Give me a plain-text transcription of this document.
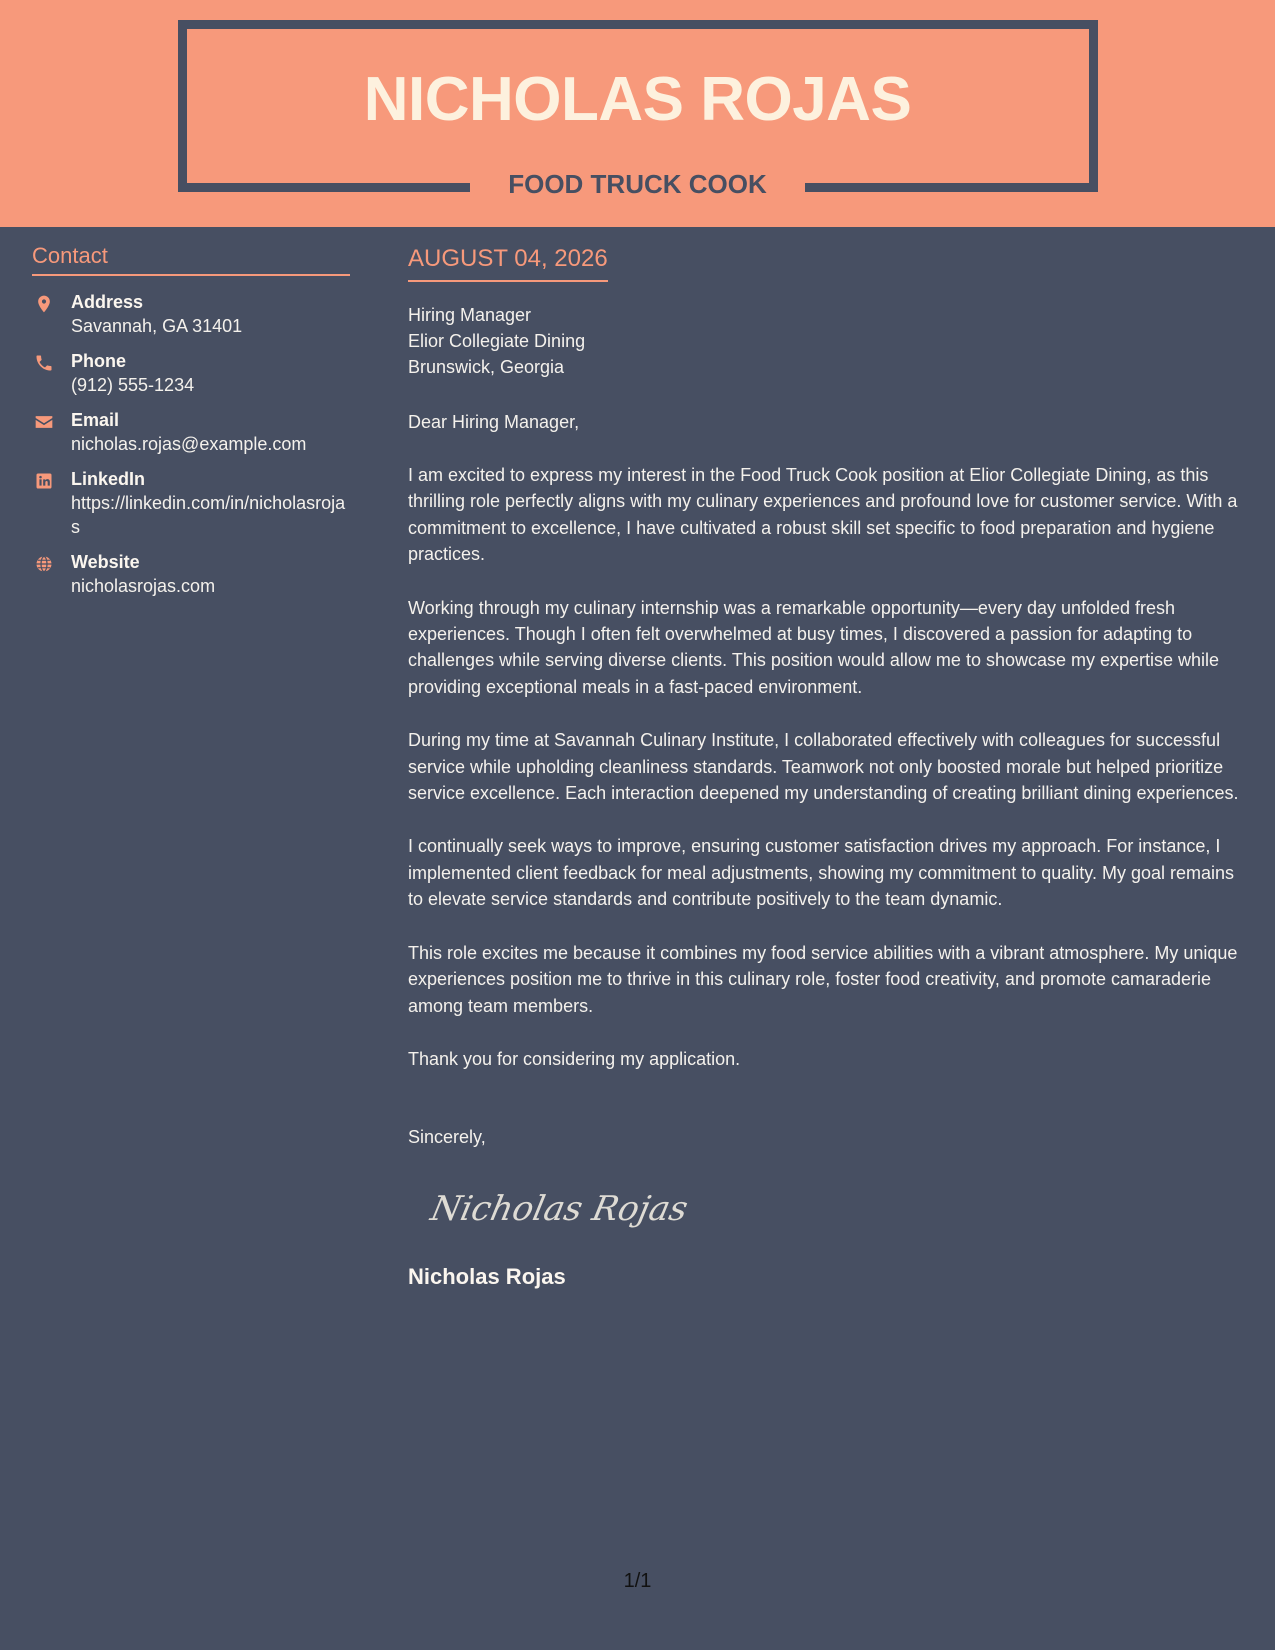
NICHOLAS ROJAS
FOOD TRUCK COOK
Contact
Address
Savannah, GA 31401
Phone
(912) 555-1234
Email
nicholas.rojas@example.com
LinkedIn
https://linkedin.com/in/nicholasrojas
Website
nicholasrojas.com
AUGUST 04, 2026
Hiring Manager
Elior Collegiate Dining
Brunswick, Georgia
Dear Hiring Manager,

I am excited to express my interest in the Food Truck Cook position at Elior Collegiate Dining, as this thrilling role perfectly aligns with my culinary experiences and profound love for customer service. With a commitment to excellence, I have cultivated a robust skill set specific to food preparation and hygiene practices.

Working through my culinary internship was a remarkable opportunity—every day unfolded fresh experiences. Though I often felt overwhelmed at busy times, I discovered a passion for adapting to challenges while serving diverse clients. This position would allow me to showcase my expertise while providing exceptional meals in a fast-paced environment.

During my time at Savannah Culinary Institute, I collaborated effectively with colleagues for successful service while upholding cleanliness standards. Teamwork not only boosted morale but helped prioritize service excellence. Each interaction deepened my understanding of creating brilliant dining experiences.

I continually seek ways to improve, ensuring customer satisfaction drives my approach. For instance, I implemented client feedback for meal adjustments, showing my commitment to quality. My goal remains to elevate service standards and contribute positively to the team dynamic.

This role excites me because it combines my food service abilities with a vibrant atmosphere. My unique experiences position me to thrive in this culinary role, foster food creativity, and promote camaraderie among team members.

Thank you for considering my application.

Sincerely,
Nicholas Rojas
Nicholas Rojas
1/1
